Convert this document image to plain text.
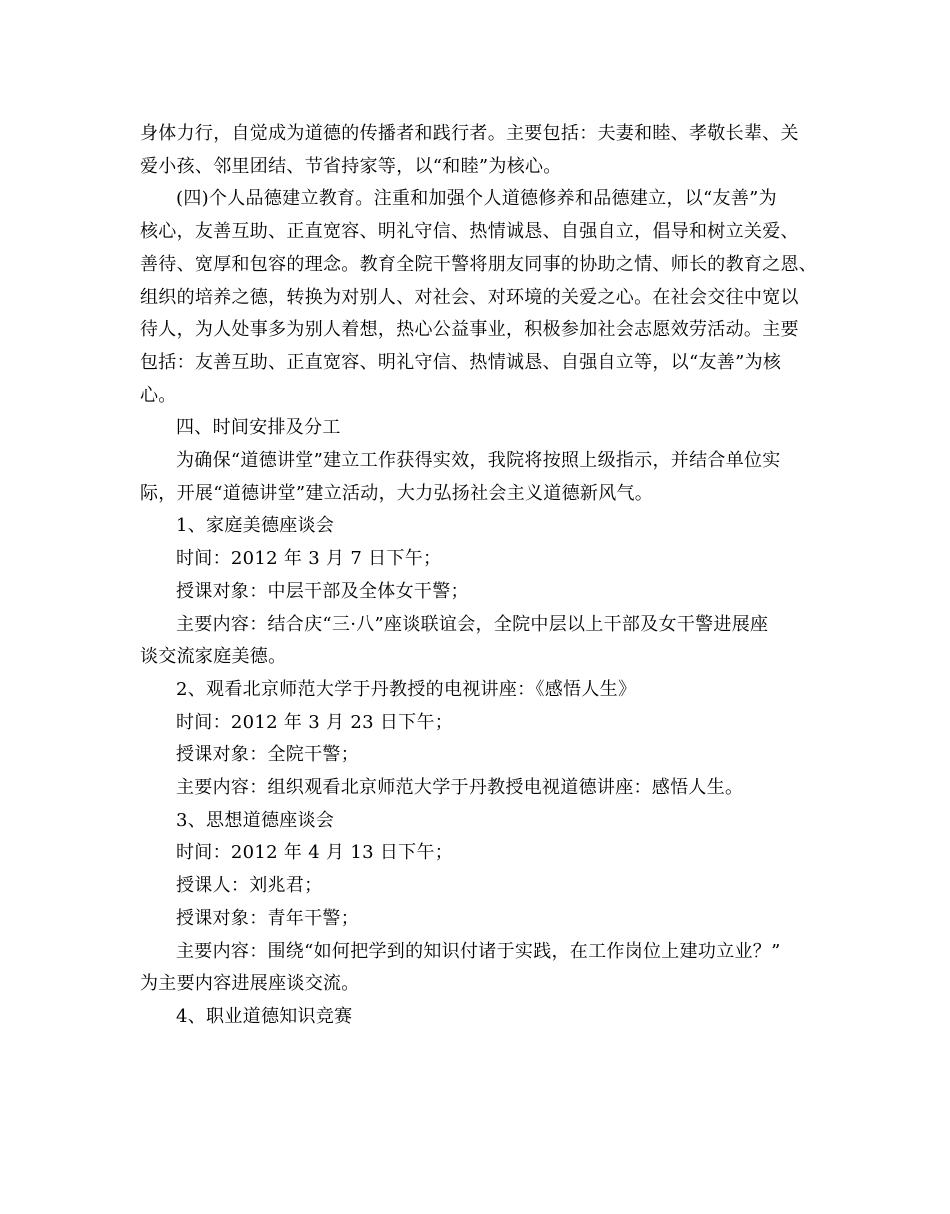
身体力行，自觉成为道德的传播者和践行者。主要包括：夫妻和睦、孝敬长辈、关
爱小孩、邻里团结、节省持家等，以“和睦”为核心。
(四)个人品德建立教育。注重和加强个人道德修养和品德建立，以“友善”为
核心，友善互助、正直宽容、明礼守信、热情诚恳、自强自立，倡导和树立关爱、
善待、宽厚和包容的理念。教育全院干警将朋友同事的协助之情、师长的教育之恩、
组织的培养之德，转换为对别人、对社会、对环境的关爱之心。在社会交往中宽以
待人，为人处事多为别人着想，热心公益事业，积极参加社会志愿效劳活动。主要
包括：友善互助、正直宽容、明礼守信、热情诚恳、自强自立等，以“友善”为核
心。
四、时间安排及分工
为确保“道德讲堂”建立工作获得实效，我院将按照上级指示，并结合单位实
际，开展“道德讲堂”建立活动，大力弘扬社会主义道德新风气。
1、家庭美德座谈会
时间：2012 年 3 月 7 日下午；
授课对象：中层干部及全体女干警；
主要内容：结合庆“三·八”座谈联谊会，全院中层以上干部及女干警进展座
谈交流家庭美德。
2、观看北京师范大学于丹教授的电视讲座：《感悟人生》
时间：2012 年 3 月 23 日下午；
授课对象：全院干警；
主要内容：组织观看北京师范大学于丹教授电视道德讲座：感悟人生。
3、思想道德座谈会
时间：2012 年 4 月 13 日下午；
授课人：刘兆君；
授课对象：青年干警；
主要内容：围绕“如何把学到的知识付诸于实践，在工作岗位上建功立业？”
为主要内容进展座谈交流。
4、职业道德知识竞赛
